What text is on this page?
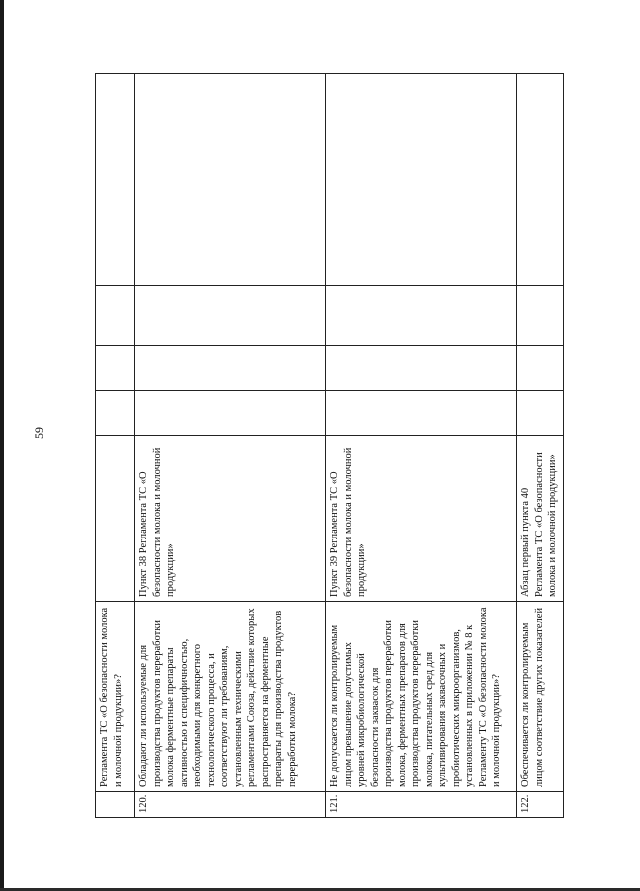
59
	Регламента ТС «О безопасности молока и молочной продукции»?					
120.	Обладают ли используемые для производства продуктов переработки молока ферментные препараты активностью и специфичностью, необходимыми для конкретного технологического процесса, и соответствуют ли требованиям, установленным техническими регламентами Союза, действие которых распространяется на ферментные препараты для производства продуктов переработки молока?	Пункт 38 Регламента ТС «О безопасности молока и молочной продукции»				
121.	Не допускается ли контролируемым лицом превышение допустимых уровней микробиологической безопасности заквасок для производства продуктов переработки молока, ферментных препаратов для производства продуктов переработки молока, питательных сред для культивирования заквасочных и пробиотических микроорганизмов, установленных в приложении № 8 к Регламенту ТС «О безопасности молока и молочной продукции»?	Пункт 39 Регламента ТС «О безопасности молока и молочной продукции»				
122.	Обеспечивается ли контролируемым лицом соответствие других показателей	Абзац первый пункта 40 Регламента ТС «О безопасности молока и молочной продукции»				
